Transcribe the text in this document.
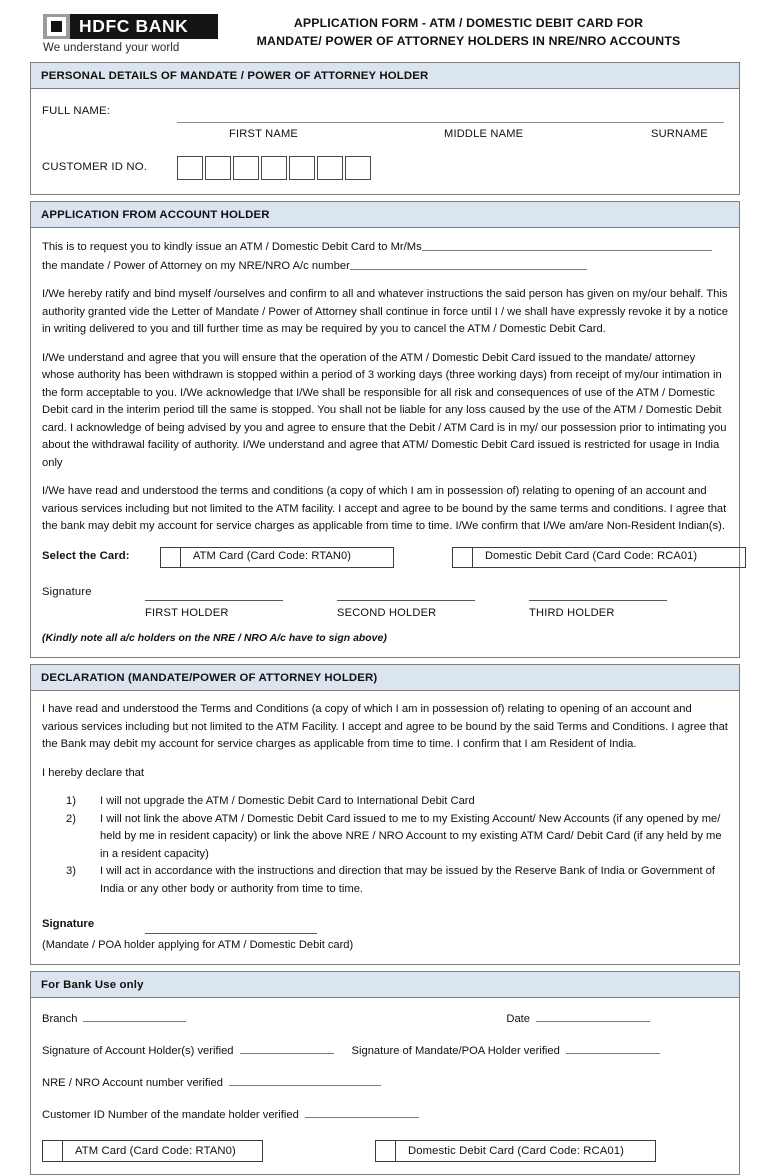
HDFC BANK
We understand your world
APPLICATION FORM - ATM / DOMESTIC DEBIT CARD FOR
MANDATE/ POWER OF ATTORNEY HOLDERS IN NRE/NRO ACCOUNTS
PERSONAL DETAILS OF MANDATE / POWER OF ATTORNEY HOLDER
FULL NAME:
FIRST NAME	MIDDLE NAME	SURNAME
CUSTOMER ID NO.
APPLICATION FROM ACCOUNT HOLDER

This is to request you to kindly issue an ATM / Domestic Debit Card to Mr/Ms
the mandate / Power of Attorney on my NRE/NRO A/c number

I/We hereby ratify and bind myself /ourselves and confirm to all and whatever instructions the said person has given on my/our behalf. This authority granted vide the Letter of Mandate / Power of Attorney shall continue in force until I / we shall have expressly revoke it by a notice in writing delivered to you and till further time as may be required by you to cancel the ATM / Domestic Debit Card.

I/We understand and agree that you will ensure that the operation of the ATM / Domestic Debit Card issued to the mandate/ attorney whose authority has been withdrawn is stopped within a period of 3 working days (three working days) from receipt of my/our intimation in the form acceptable to you. I/We acknowledge that I/We shall be responsible for all risk and consequences of use of the ATM / Domestic Debit card in the interim period till the same is stopped. You shall not be liable for any loss caused by the use of the ATM / Domestic Debit card. I acknowledge of being advised by you and agree to ensure that the Debit / ATM Card is in my/ our possession prior to intimating you about the withdrawal facility of authority. I/We understand and agree that ATM/ Domestic Debit Card issued is restricted for usage in India only

I/We have read and understood the terms and conditions (a copy of which I am in possession of) relating to opening of an account and various services including but not limited to the ATM facility. I accept and agree to be bound by the same terms and conditions. I agree that the bank may debit my account for service charges as applicable from time to time. I/We confirm that I/We am/are Non-Resident Indian(s).

Select the Card:	ATM Card (Card Code: RTAN0)	Domestic Debit Card (Card Code: RCA01)
Signature
FIRST HOLDER	SECOND HOLDER	THIRD HOLDER
(Kindly note all a/c holders on the NRE / NRO A/c have to sign above)
DECLARATION (MANDATE/POWER OF ATTORNEY HOLDER)

I have read and understood the Terms and Conditions (a copy of which I am in possession of) relating to opening of an account and various services including but not limited to the ATM Facility. I accept and agree to be bound by the said Terms and Conditions. I agree that the Bank may debit my account for service charges as applicable from time to time. I confirm that I am Resident of India.

I hereby declare that

1)	I will not upgrade the ATM / Domestic Debit Card to International Debit Card
2)	I will not link the above ATM / Domestic Debit Card issued to me to my Existing Account/ New Accounts (if any opened by me/ held by me in resident capacity) or link the above NRE / NRO Account to my existing ATM Card/ Debit Card (if any held by me in a resident capacity)
3)	I will act in accordance with the instructions and direction that may be issued by the Reserve Bank of India or Government of India or any other body or authority from time to time.
Signature
(Mandate / POA holder applying for ATM / Domestic Debit card)
For Bank Use only
Branch	Date
Signature of Account Holder(s) verified	Signature of Mandate/POA Holder verified
NRE / NRO Account number verified
Customer ID Number of the mandate holder verified
ATM Card (Card Code: RTAN0)	Domestic Debit Card (Card Code: RCA01)
